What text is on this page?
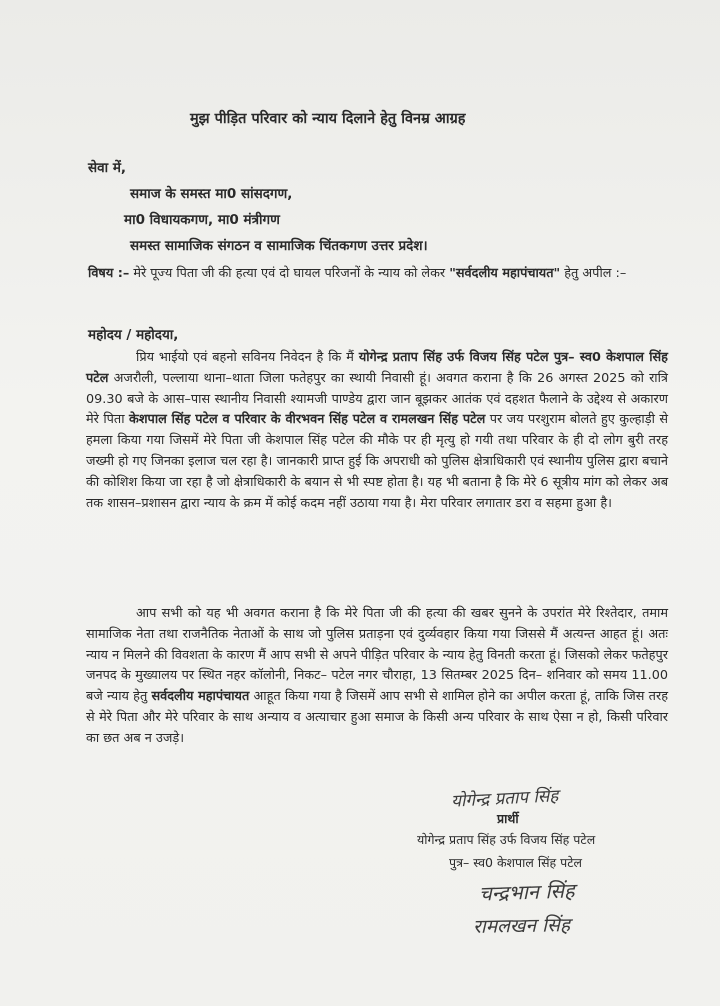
मुझ पीड़ित परिवार को न्याय दिलाने हेतु विनम्र आग्रह
सेवा में,
समाज के समस्त मा0 सांसदगण,
मा0 विधायकगण, मा0 मंत्रीगण
समस्त सामाजिक संगठन व सामाजिक चिंतकगण उत्तर प्रदेश।
विषय :– मेरे पूज्य पिता जी की हत्या एवं दो घायल परिजनों के न्याय को लेकर "सर्वदलीय महापंचायत" हेतु अपील :–
महोदय / महोदया,
प्रिय भाईयो एवं बहनो सविनय निवेदन है कि मैं योगेन्द्र प्रताप सिंह उर्फ विजय सिंह पटेल पुत्र– स्व0 केशपाल सिंह पटेल अजरौली, पल्लाया थाना–थाता जिला फतेहपुर का स्थायी निवासी हूं। अवगत कराना है कि 26 अगस्त 2025 को रात्रि 09.30 बजे के आस–पास स्थानीय निवासी श्यामजी पाण्डेय द्वारा जान बूझकर आतंक एवं दहशत फैलाने के उद्देश्य से अकारण मेरे पिता केशपाल सिंह पटेल व परिवार के वीरभवन सिंह पटेल व रामलखन सिंह पटेल पर जय परशुराम बोलते हुए कुल्हाड़ी से हमला किया गया जिसमें मेरे पिता जी केशपाल सिंह पटेल की मौके पर ही मृत्यु हो गयी तथा परिवार के ही दो लोग बुरी तरह जख्मी हो गए जिनका इलाज चल रहा है। जानकारी प्राप्त हुई कि अपराधी को पुलिस क्षेत्राधिकारी एवं स्थानीय पुलिस द्वारा बचाने की कोशिश किया जा रहा है जो क्षेत्राधिकारी के बयान से भी स्पष्ट होता है। यह भी बताना है कि मेरे 6 सूत्रीय मांग को लेकर अब तक शासन–प्रशासन द्वारा न्याय के क्रम में कोई कदम नहीं उठाया गया है। मेरा परिवार लगातार डरा व सहमा हुआ है।
आप सभी को यह भी अवगत कराना है कि मेरे पिता जी की हत्या की खबर सुनने के उपरांत मेरे रिश्तेदार, तमाम सामाजिक नेता तथा राजनैतिक नेताओं के साथ जो पुलिस प्रताड़ना एवं दुर्व्यवहार किया गया जिससे मैं अत्यन्त आहत हूं। अतः न्याय न मिलने की विवशता के कारण मैं आप सभी से अपने पीड़ित परिवार के न्याय हेतु विनती करता हूं। जिसको लेकर फतेहपुर जनपद के मुख्यालय पर स्थित नहर कॉलोनी, निकट– पटेल नगर चौराहा, 13 सितम्बर 2025 दिन– शनिवार को समय 11.00 बजे न्याय हेतु सर्वदलीय महापंचायत आहूत किया गया है जिसमें आप सभी से शामिल होने का अपील करता हूं, ताकि जिस तरह से मेरे पिता और मेरे परिवार के साथ अन्याय व अत्याचार हुआ समाज के किसी अन्य परिवार के साथ ऐसा न हो, किसी परिवार का छत अब न उजड़े।
योगेन्द्र प्रताप सिंह
प्रार्थी
योगेन्द्र प्रताप सिंह उर्फ विजय सिंह पटेल
पुत्र– स्व0 केशपाल सिंह पटेल
चन्द्रभान सिंह
रामलखन सिंह
